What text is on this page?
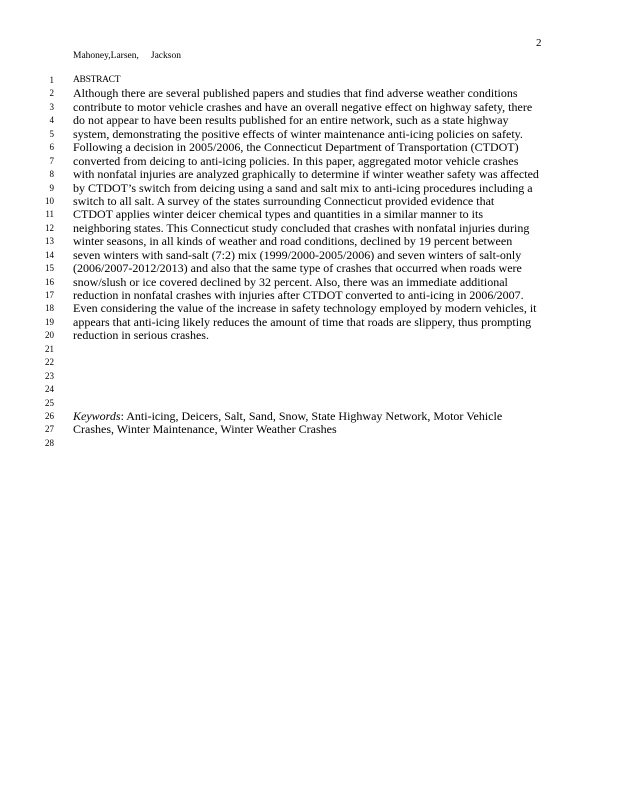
2
Mahoney,Larsen, Jackson
1
2
3
4
5
6
7
8
9
10
11
12
13
14
15
16
17
18
19
20
21
22
23
24
25
26
27
28
ABSTRACT
Although there are several published papers and studies that find adverse weather conditions
contribute to motor vehicle crashes and have an overall negative effect on highway safety, there
do not appear to have been results published for an entire network, such as a state highway
system, demonstrating the positive effects of winter maintenance anti-icing policies on safety.
Following a decision in 2005/2006, the Connecticut Department of Transportation (CTDOT)
converted from deicing to anti-icing policies. In this paper, aggregated motor vehicle crashes
with nonfatal injuries are analyzed graphically to determine if winter weather safety was affected
by CTDOT’s switch from deicing using a sand and salt mix to anti-icing procedures including a
switch to all salt. A survey of the states surrounding Connecticut provided evidence that
CTDOT applies winter deicer chemical types and quantities in a similar manner to its
neighboring states. This Connecticut study concluded that crashes with nonfatal injuries during
winter seasons, in all kinds of weather and road conditions, declined by 19 percent between
seven winters with sand-salt (7:2) mix (1999/2000-2005/2006) and seven winters of salt-only
(2006/2007-2012/2013) and also that the same type of crashes that occurred when roads were
snow/slush or ice covered declined by 32 percent. Also, there was an immediate additional
reduction in nonfatal crashes with injuries after CTDOT converted to anti-icing in 2006/2007.
Even considering the value of the increase in safety technology employed by modern vehicles, it
appears that anti-icing likely reduces the amount of time that roads are slippery, thus prompting
reduction in serious crashes.
Keywords: Anti-icing, Deicers, Salt, Sand, Snow, State Highway Network, Motor Vehicle
Crashes, Winter Maintenance, Winter Weather Crashes
